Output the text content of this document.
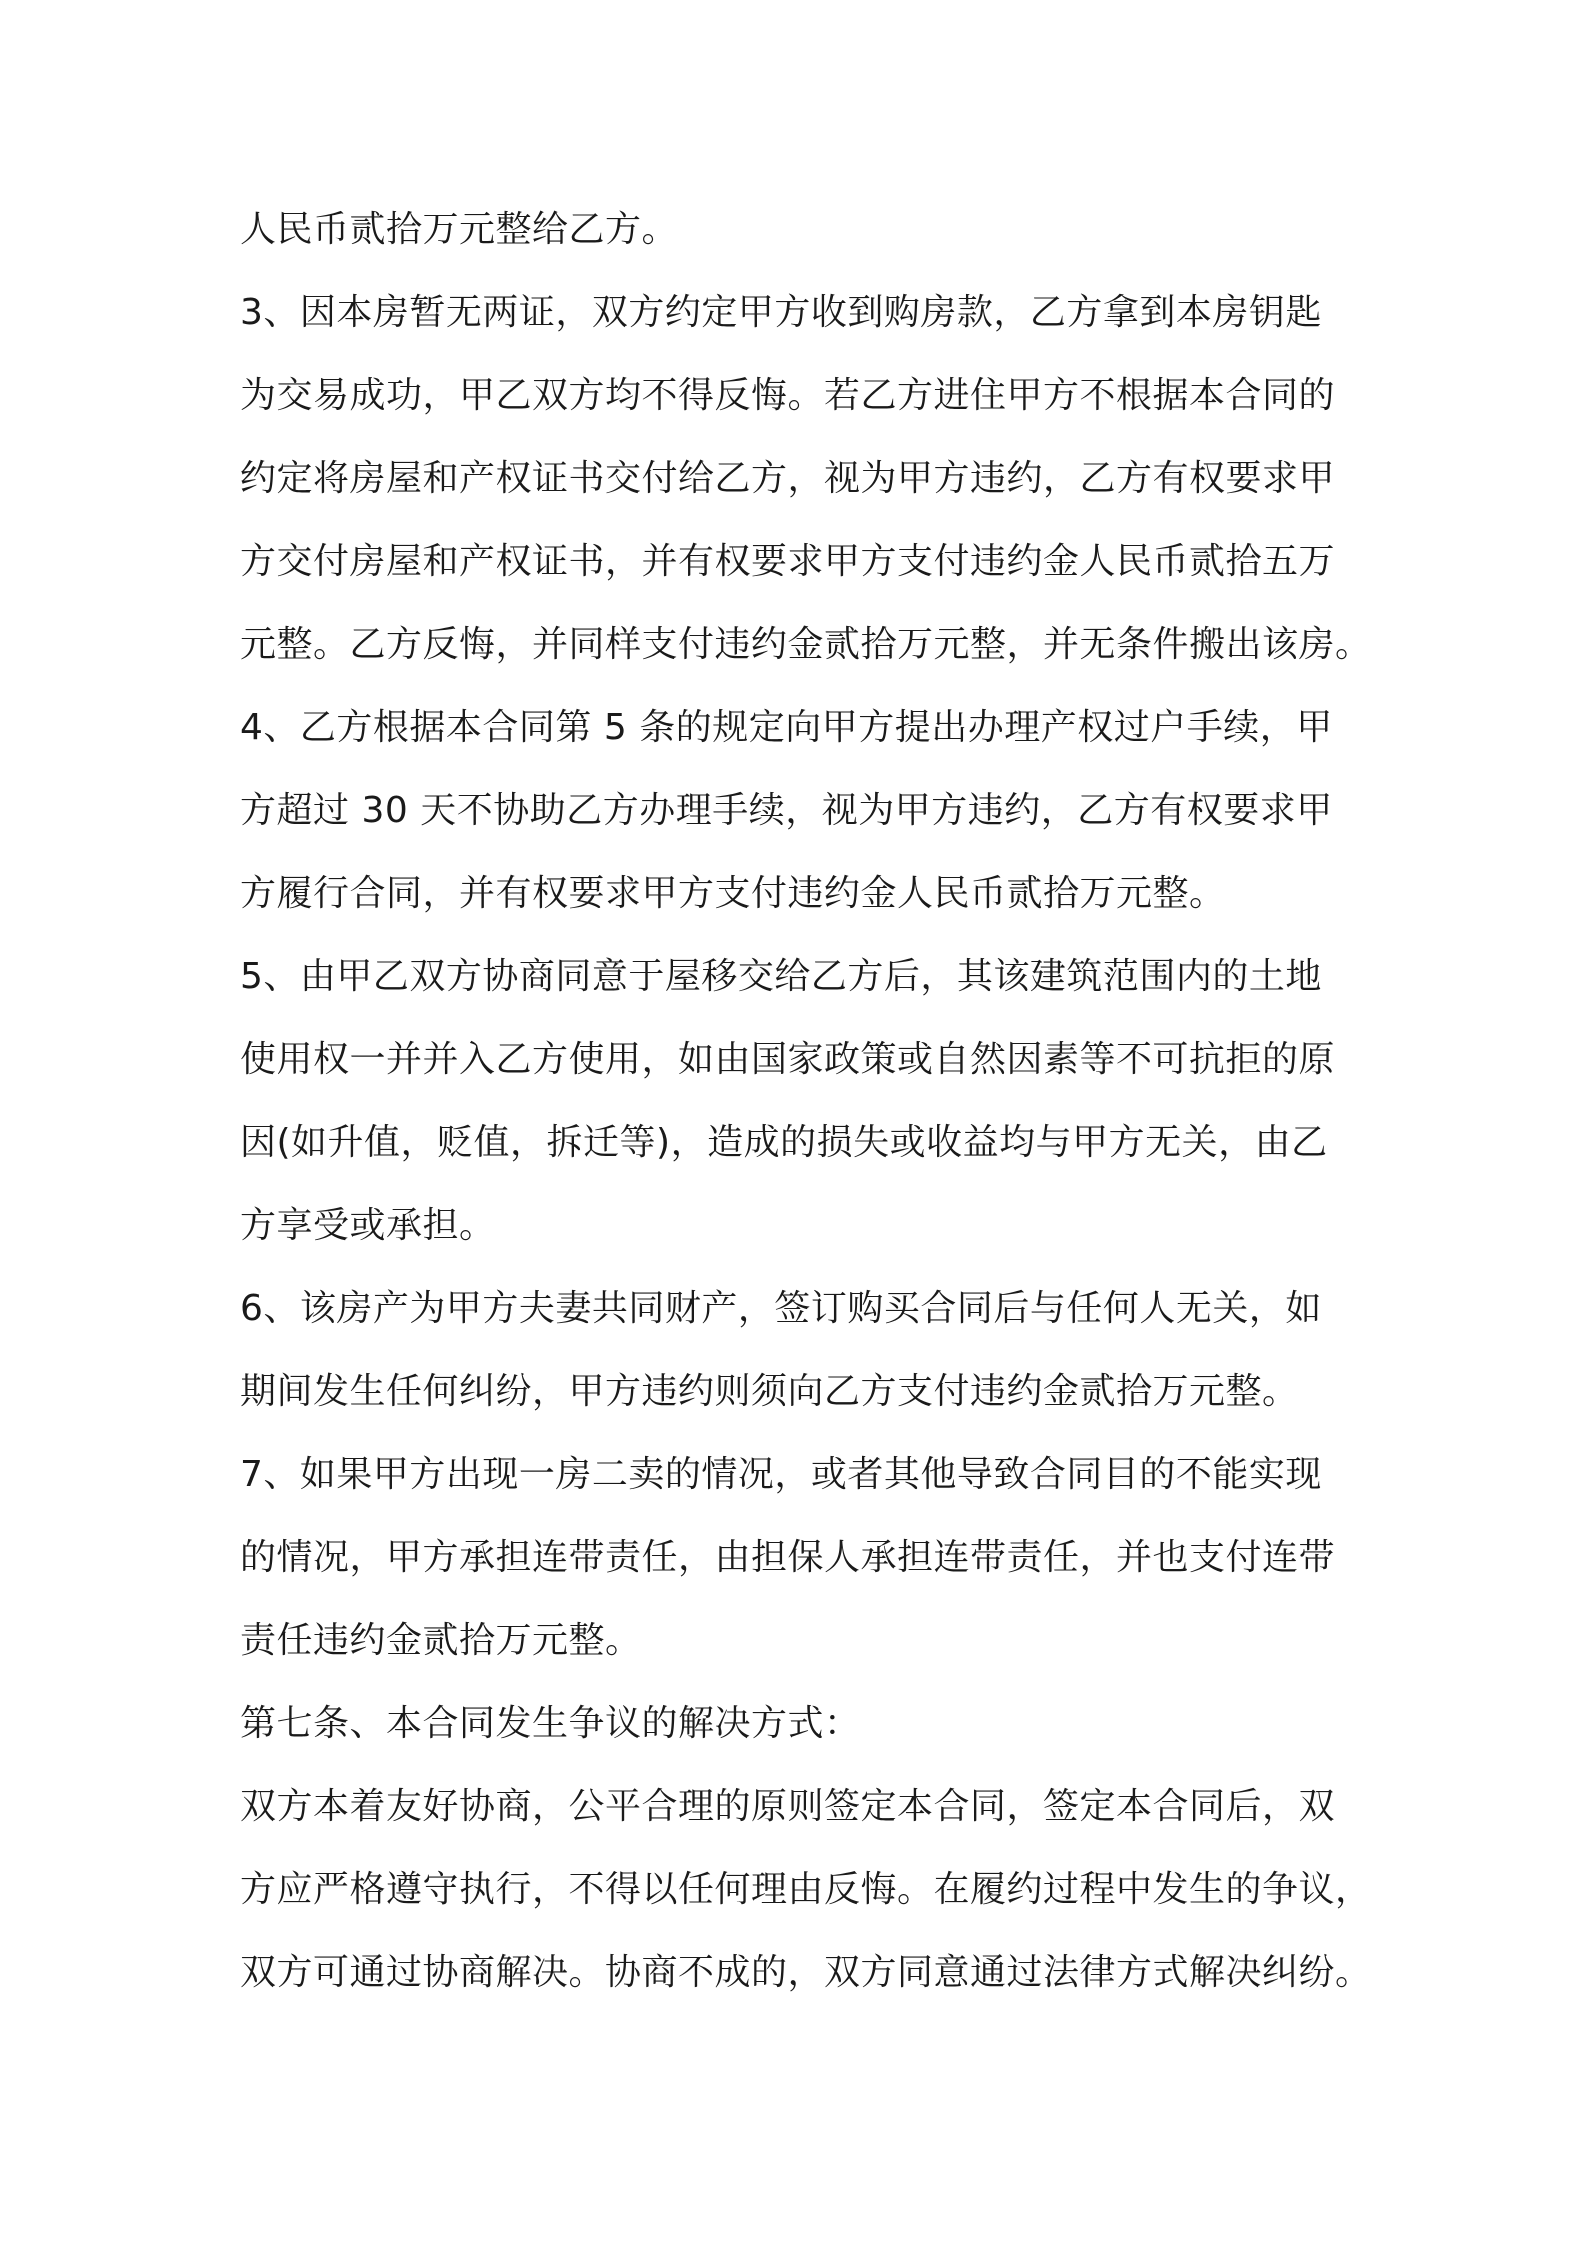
人民币贰拾万元整给乙方。
3、因本房暂无两证，双方约定甲方收到购房款，乙方拿到本房钥匙
为交易成功，甲乙双方均不得反悔。若乙方进住甲方不根据本合同的
约定将房屋和产权证书交付给乙方，视为甲方违约，乙方有权要求甲
方交付房屋和产权证书，并有权要求甲方支付违约金人民币贰拾五万
元整。乙方反悔，并同样支付违约金贰拾万元整，并无条件搬出该房。
4、乙方根据本合同第 5 条的规定向甲方提出办理产权过户手续，甲
方超过 30 天不协助乙方办理手续，视为甲方违约，乙方有权要求甲
方履行合同，并有权要求甲方支付违约金人民币贰拾万元整。
5、由甲乙双方协商同意于屋移交给乙方后，其该建筑范围内的土地
使用权一并并入乙方使用，如由国家政策或自然因素等不可抗拒的原
因(如升值，贬值，拆迁等)，造成的损失或收益均与甲方无关，由乙
方享受或承担。
6、该房产为甲方夫妻共同财产，签订购买合同后与任何人无关，如
期间发生任何纠纷，甲方违约则须向乙方支付违约金贰拾万元整。
7、如果甲方出现一房二卖的情况，或者其他导致合同目的不能实现
的情况，甲方承担连带责任，由担保人承担连带责任，并也支付连带
责任违约金贰拾万元整。
第七条、本合同发生争议的解决方式：
双方本着友好协商，公平合理的原则签定本合同，签定本合同后，双
方应严格遵守执行，不得以任何理由反悔。在履约过程中发生的争议，
双方可通过协商解决。协商不成的，双方同意通过法律方式解决纠纷。
